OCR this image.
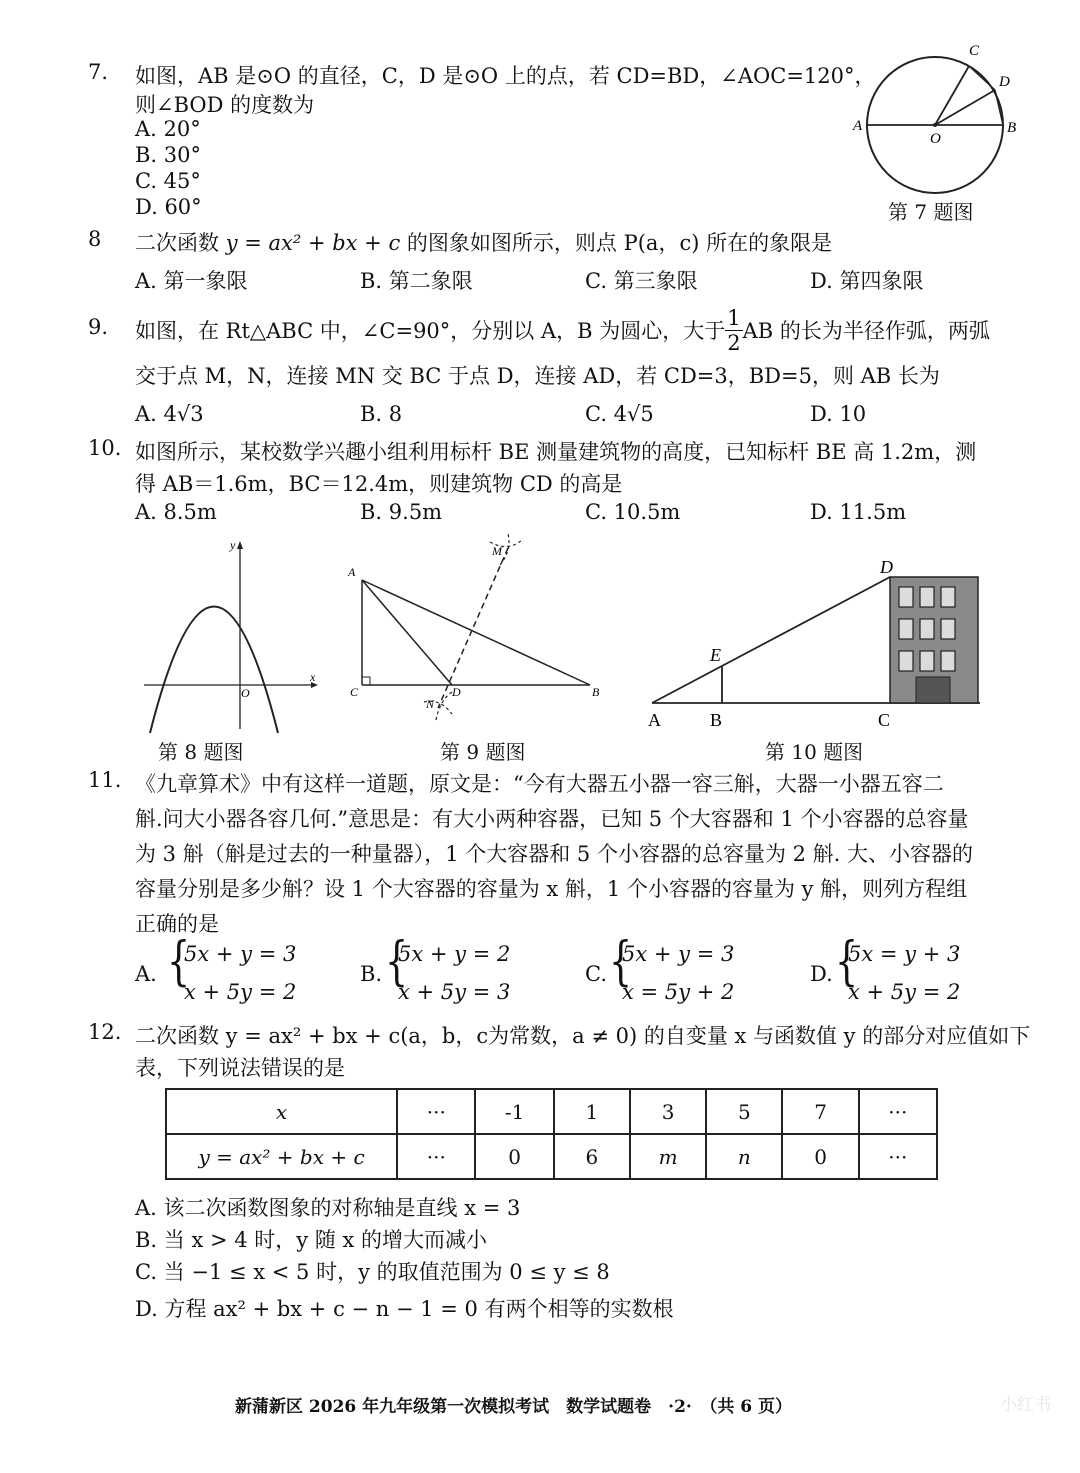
7. 如图，AB 是⊙O 的直径，C，D 是⊙O 上的点，若 CD=BD，∠AOC=120°，
则∠BOD 的度数为
A. 20°
B. 30°
C. 45°
D. 60°
A
O
B
C
D
第 7 题图
8 二次函数 y = ax² + bx + c 的图象如图所示，则点 P(a，c) 所在的象限是
A. 第一象限	B. 第二象限	C. 第三象限	D. 第四象限
9. 如图，在 Rt△ABC 中，∠C=90°，分别以 A，B 为圆心，大于 $\frac{1}{2}$ AB 的长为半径作弧，两弧
交于点 M，N，连接 MN 交 BC 于点 D，连接 AD，若 CD=3，BD=5，则 AB 长为
A. 4√3	B. 8	C. 4√5	D. 10
10. 如图所示，某校数学兴趣小组利用标杆 BE 测量建筑物的高度，已知标杆 BE 高 1.2m，测
得 AB＝1.6m，BC＝12.4m，则建筑物 CD 的高是
A. 8.5m	B. 9.5m	C. 10.5m	D. 11.5m
y
x
O
第 8 题图
A
C	D	B
M
N
第 9 题图
A	B
E
C
D
第 10 题图
11. 《九章算术》中有这样一道题，原文是：“今有大器五小器一容三斛，大器一小器五容二
斛.问大小器各容几何.”意思是：有大小两种容器，已知 5 个大容器和 1 个小容器的总容量
为 3 斛（斛是过去的一种量器），1 个大容器和 5 个小容器的总容量为 2 斛. 大、小容器的
容量分别是多少斛？设 1 个大容器的容量为 x 斛，1 个小容器的容量为 y 斛，则列方程组
正确的是
A. {
5x + y = 3
x + 5y = 2
B. {
5x + y = 2
x + 5y = 3
C. {
5x + y = 3
x = 5y + 2
D. {
5x = y + 3
x + 5y = 2
12. 二次函数 y = ax² + bx + c(a，b，c为常数，a ≠ 0) 的自变量 x 与函数值 y 的部分对应值如下
表，下列说法错误的是
x	···	-1	1	3	5	7	···
y = ax² + bx + c	···	0	6	m	n	0	···
A. 该二次函数图象的对称轴是直线 x = 3
B. 当 x > 4 时，y 随 x 的增大而减小
C. 当 −1 ≤ x < 5 时，y 的取值范围为 0 ≤ y ≤ 8
D. 方程 ax² + bx + c − n − 1 = 0 有两个相等的实数根
新蒲新区 2026 年九年级第一次模拟考试　数学试题卷　·2·　（共 6 页）	小红书
